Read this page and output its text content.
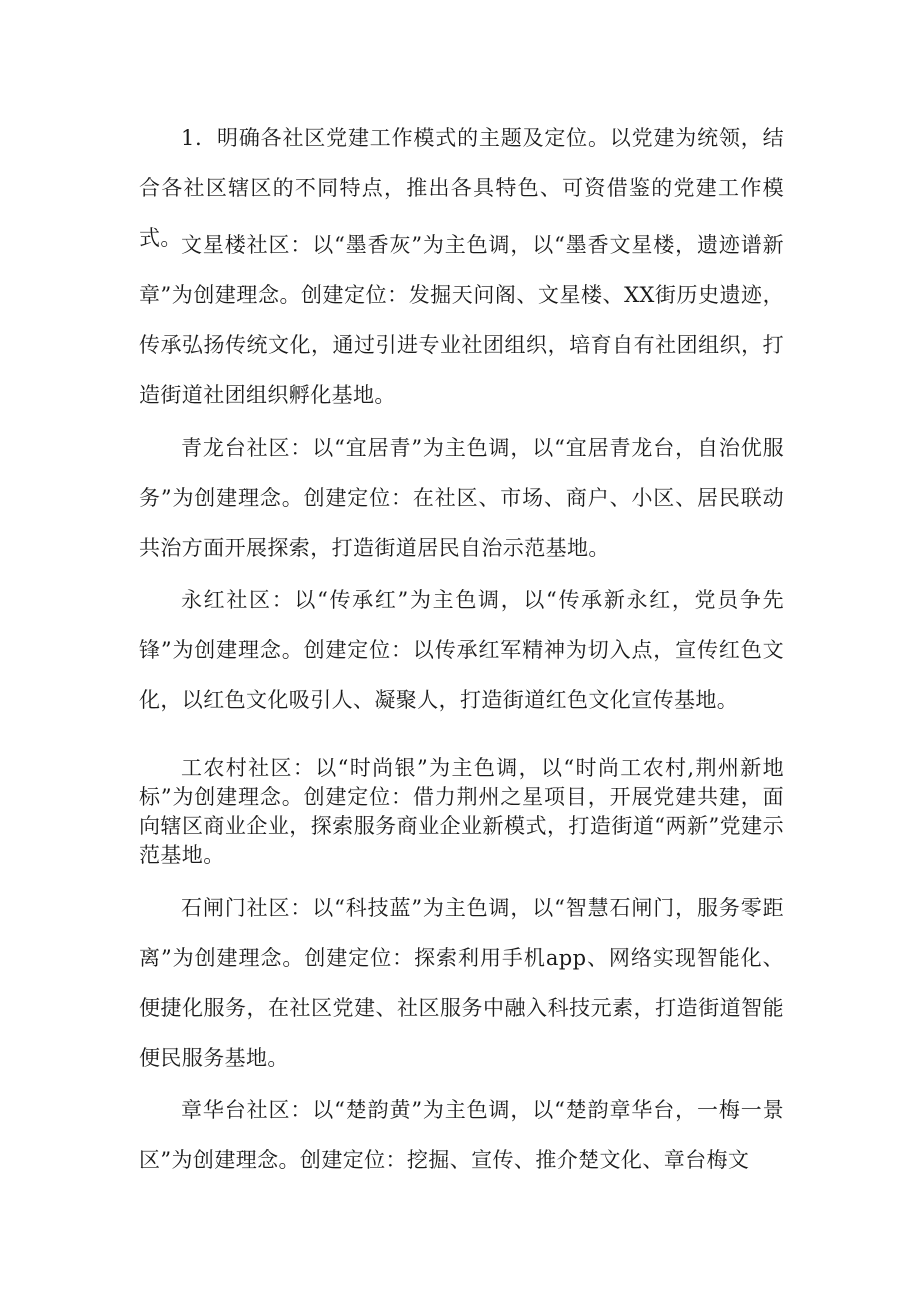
1．明确各社区党建工作模式的主题及定位。以党建为统领，结合各社区辖区的不同特点，推出各具特色、可资借鉴的党建工作模式。 文星楼社区：以“墨香灰”为主色调，以“墨香文星楼，遗迹谱新章”为创建理念。创建定位：发掘天问阁、文星楼、XX街历史遗迹，传承弘扬传统文化，通过引进专业社团组织，培育自有社团组织，打造街道社团组织孵化基地。

青龙台社区：以“宜居青”为主色调，以“宜居青龙台，自治优服务”为创建理念。创建定位：在社区、市场、商户、小区、居民联动共治方面开展探索，打造街道居民自治示范基地。

永红社区：以“传承红”为主色调，以“传承新永红，党员争先锋”为创建理念。创建定位：以传承红军精神为切入点，宣传红色文化，以红色文化吸引人、凝聚人，打造街道红色文化宣传基地。

工农村社区：以“时尚银”为主色调，以“时尚工农村,荆州新地标”为创建理念。创建定位：借力荆州之星项目，开展党建共建，面向辖区商业企业，探索服务商业企业新模式，打造街道“两新”党建示范基地。

石闸门社区：以“科技蓝”为主色调，以“智慧石闸门，服务零距离”为创建理念。创建定位：探索利用手机app、网络实现智能化、便捷化服务，在社区党建、社区服务中融入科技元素，打造街道智能便民服务基地。

章华台社区：以“楚韵黄”为主色调，以“楚韵章华台，一梅一景区”为创建理念。创建定位：挖掘、宣传、推介楚文化、章台梅文
